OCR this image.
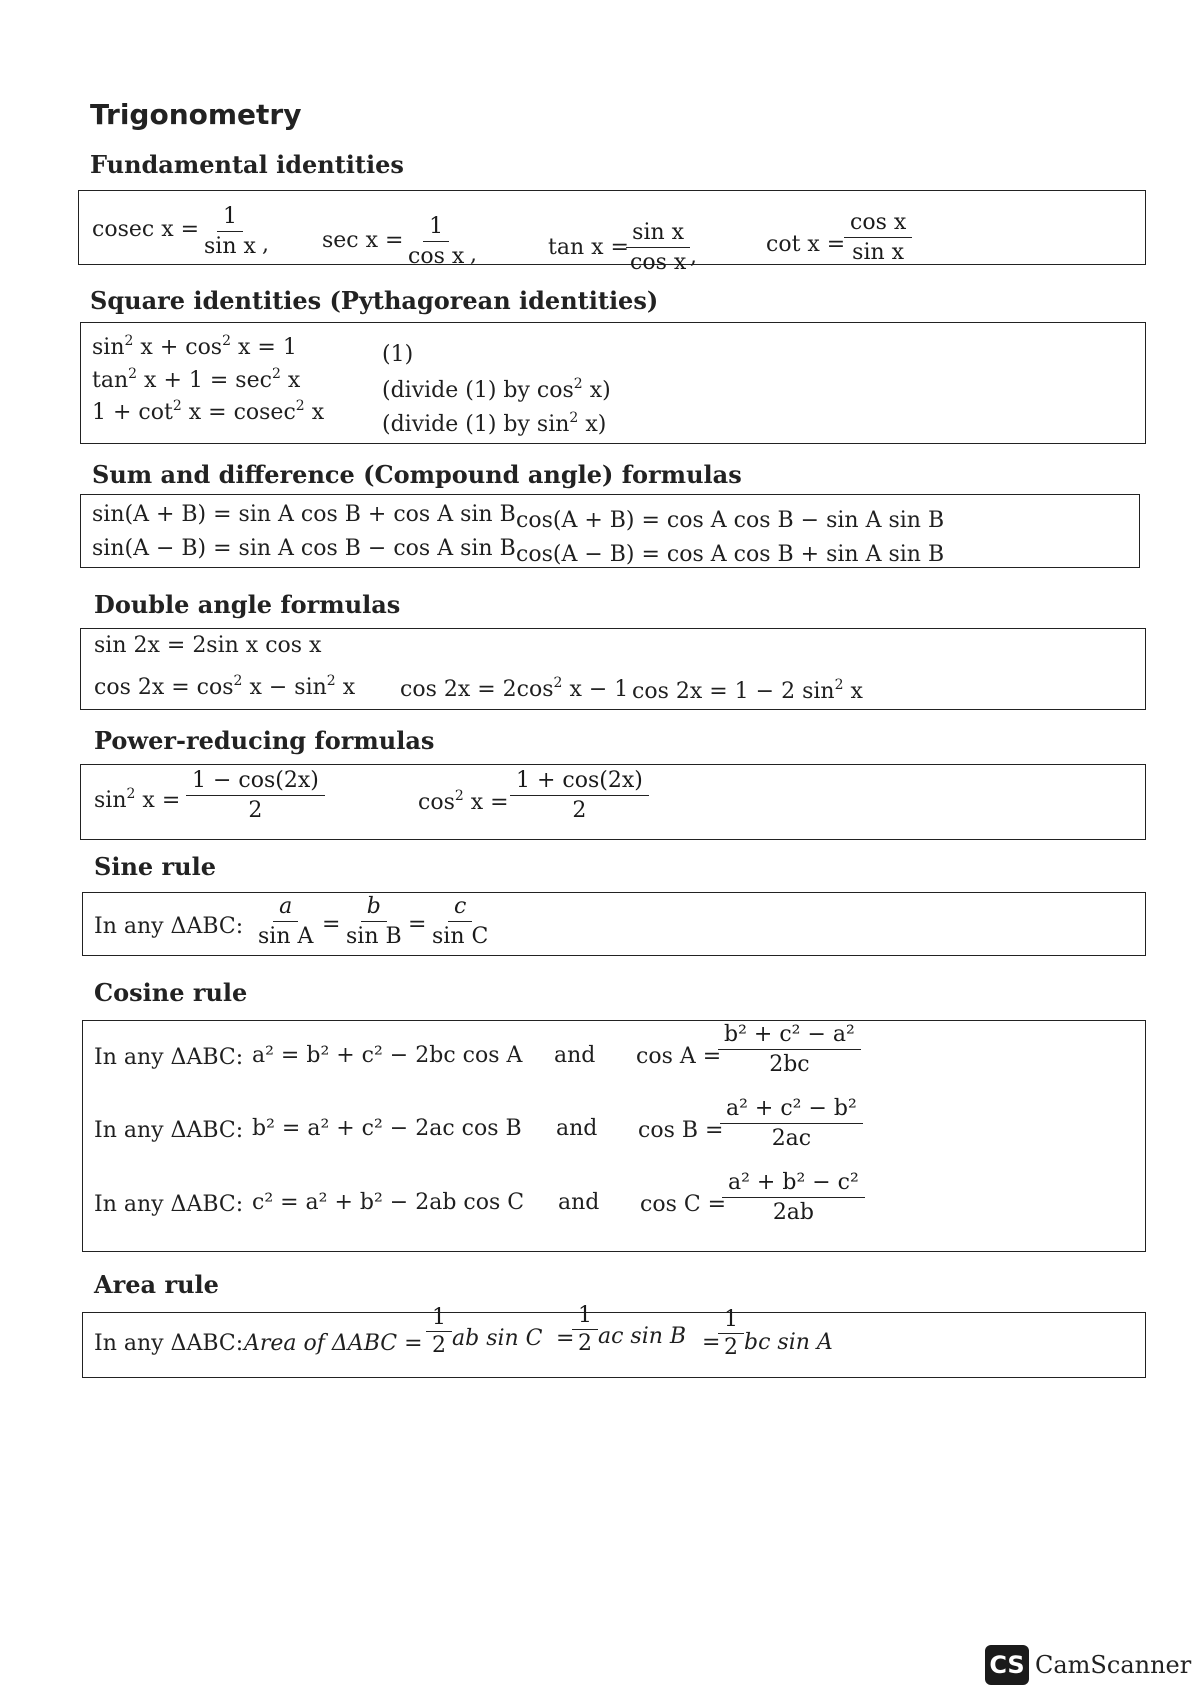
Trigonometry
Fundamental identities
cosec x =
$\frac{1}{\text{sin x}}$ , sec x =
$\frac{1}{\text{cos x}}$ ,	tan x =
$\frac{\text{sin x}}{\text{cos x}}$
,	cot x =
$\frac{\text{cos x}}{\text{sin x}}$
Square identities (Pythagorean identities)
$\sin^2 x + \cos^2 x = 1$	(1)
$\tan^2 x + 1 = \sec^2 x$	(divide (1) by $\cos^2 x$)
$1 + \cot^2 x = cosec^2$ x	(divide (1) by $\sin^2 x$)
Sum and difference (Compound angle) formulas
sin(A + B) = sin A cos B + cos A sin B cos(A + B) = cos A cos B − sin A sin B
sin(A − B) = sin A cos B − cos A sin B cos(A − B) = cos A cos B + sin A sin B
Double angle formulas
sin 2x = 2sin x cos x
$\cos 2x = \cos^2 x - \sin^2 x$ $\cos 2x = 2\cos^2$ x − 1 cos 2x = 1 − 2 $\sin^2 x$
Power-reducing formulas
$\sin^2 x = \frac{1 - \cos(2x)}{2}$	$\cos^2 x = \frac{1 + \cos(2x)}{2}$
Sine rule
In any ΔABC: $\frac{a}{\text{sin A}} = \frac{b}{\text{sin B}} = \frac{c}{\text{sin C}}$
Cosine rule
In any ΔABC: a² = b² + c² − 2bc cos A and cos A =
$\frac{\text{b² + c² − a²}}{2bc}$
In any ΔABC: b² = a² + c² − 2ac cos B and cos B =
$\frac{\text{a² + c² − b²}}{2ac}$
In any ΔABC: c² = a² + b² − 2ab cos C and cos C =
$\frac{\text{a² + b² − c²}}{2ab}$
Area rule
In any ΔABC: Area of $\Delta ABC = \frac{1}{2}$ ab sin C =
$\frac{1}{2}$ ac sin B =
$\frac{1}{2}$ bc sin A
CS CamScanner
